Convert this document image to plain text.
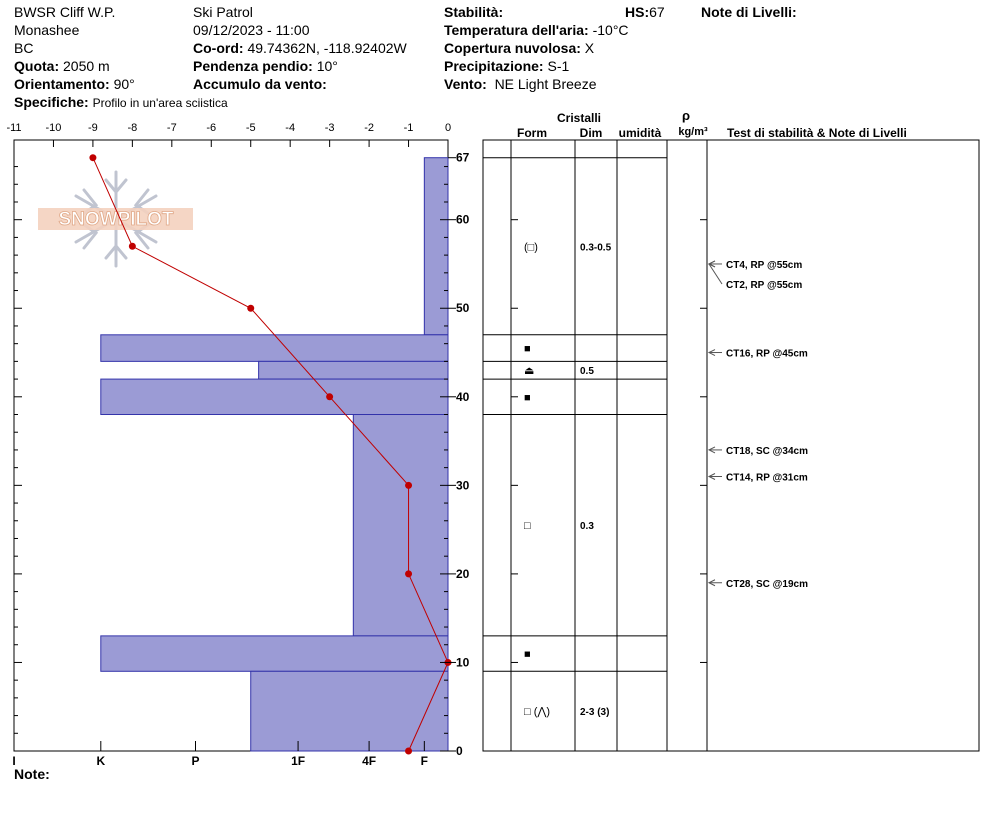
BWSR Cliff W.P.
Monashee
BC
Quota: 2050 m
Orientamento: 90°
Specifiche: Profilo in un'area sciistica
Ski Patrol
09/12/2023 - 11:00
Co-ord: 49.74362N, -118.92402W
Pendenza pendio: 10°
Accumulo da vento:
Stabilità:	HS:67
Temperatura dell'aria: -10°C
Copertura nuvolosa: X
Precipitazione: S-1
Vento: NE Light Breeze
Note di Livelli:
Note:
SNOWPILOT
-11 -10 -9	-8	-7	-6	-5	-4	-3	-2	-1	0
0
10
20
30
40
50
60
67
I	K	P	1F	4F	F
Cristalli
Form	Dim umidità
ρ
kg/m³ Test di stabilità & Note di Livelli
(□)	0.3-0.5
■
⏏	0.5
■
□	0.3
■
□ (⋀)	2-3 (3)
CT4, RP @55cm
CT2, RP @55cm
CT16, RP @45cm
CT18, SC @34cm
CT14, RP @31cm
CT28, SC @19cm
